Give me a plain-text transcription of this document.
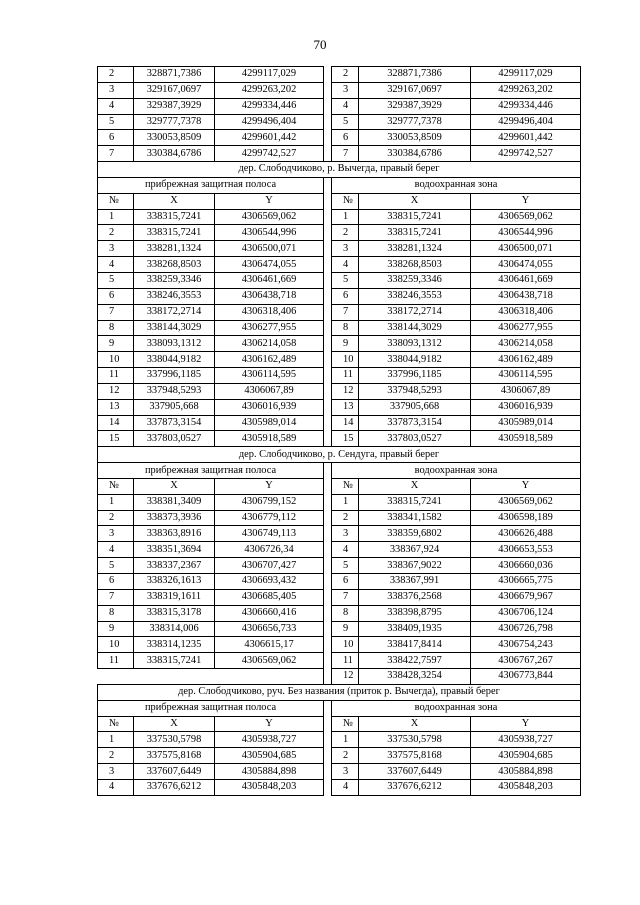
70
2	328871,7386	4299117,029		2	328871,7386	4299117,029
3	329167,0697	4299263,202		3	329167,0697	4299263,202
4	329387,3929	4299334,446		4	329387,3929	4299334,446
5	329777,7378	4299496,404		5	329777,7378	4299496,404
6	330053,8509	4299601,442		6	330053,8509	4299601,442
7	330384,6786	4299742,527		7	330384,6786	4299742,527
дер. Слободчиково, р. Вычегда, правый берег						
прибрежная защитная полоса				водоохранная зона		
№	X	Y		№	X	Y
1	338315,7241	4306569,062		1	338315,7241	4306569,062
2	338315,7241	4306544,996		2	338315,7241	4306544,996
3	338281,1324	4306500,071		3	338281,1324	4306500,071
4	338268,8503	4306474,055		4	338268,8503	4306474,055
5	338259,3346	4306461,669		5	338259,3346	4306461,669
6	338246,3553	4306438,718		6	338246,3553	4306438,718
7	338172,2714	4306318,406		7	338172,2714	4306318,406
8	338144,3029	4306277,955		8	338144,3029	4306277,955
9	338093,1312	4306214,058		9	338093,1312	4306214,058
10	338044,9182	4306162,489		10	338044,9182	4306162,489
11	337996,1185	4306114,595		11	337996,1185	4306114,595
12	337948,5293	4306067,89		12	337948,5293	4306067,89
13	337905,668	4306016,939		13	337905,668	4306016,939
14	337873,3154	4305989,014		14	337873,3154	4305989,014
15	337803,0527	4305918,589		15	337803,0527	4305918,589
дер. Слободчиково, р. Сендуга, правый берег						
прибрежная защитная полоса				водоохранная зона		
№	X	Y		№	X	Y
1	338381,3409	4306799,152		1	338315,7241	4306569,062
2	338373,3936	4306779,112		2	338341,1582	4306598,189
3	338363,8916	4306749,113		3	338359,6802	4306626,488
4	338351,3694	4306726,34		4	338367,924	4306653,553
5	338337,2367	4306707,427		5	338367,9022	4306660,036
6	338326,1613	4306693,432		6	338367,991	4306665,775
7	338319,1611	4306685,405		7	338376,2568	4306679,967
8	338315,3178	4306660,416		8	338398,8795	4306706,124
9	338314,006	4306656,733		9	338409,1935	4306726,798
10	338314,1235	4306615,17		10	338417,8414	4306754,243
11	338315,7241	4306569,062		11	338422,7597	4306767,267
				12	338428,3254	4306773,844
дер. Слободчиково, руч. Без названия (приток р. Вычегда), правый берег						
прибрежная защитная полоса				водоохранная зона		
№	X	Y		№	X	Y
1	337530,5798	4305938,727		1	337530,5798	4305938,727
2	337575,8168	4305904,685		2	337575,8168	4305904,685
3	337607,6449	4305884,898		3	337607,6449	4305884,898
4	337676,6212	4305848,203		4	337676,6212	4305848,203
